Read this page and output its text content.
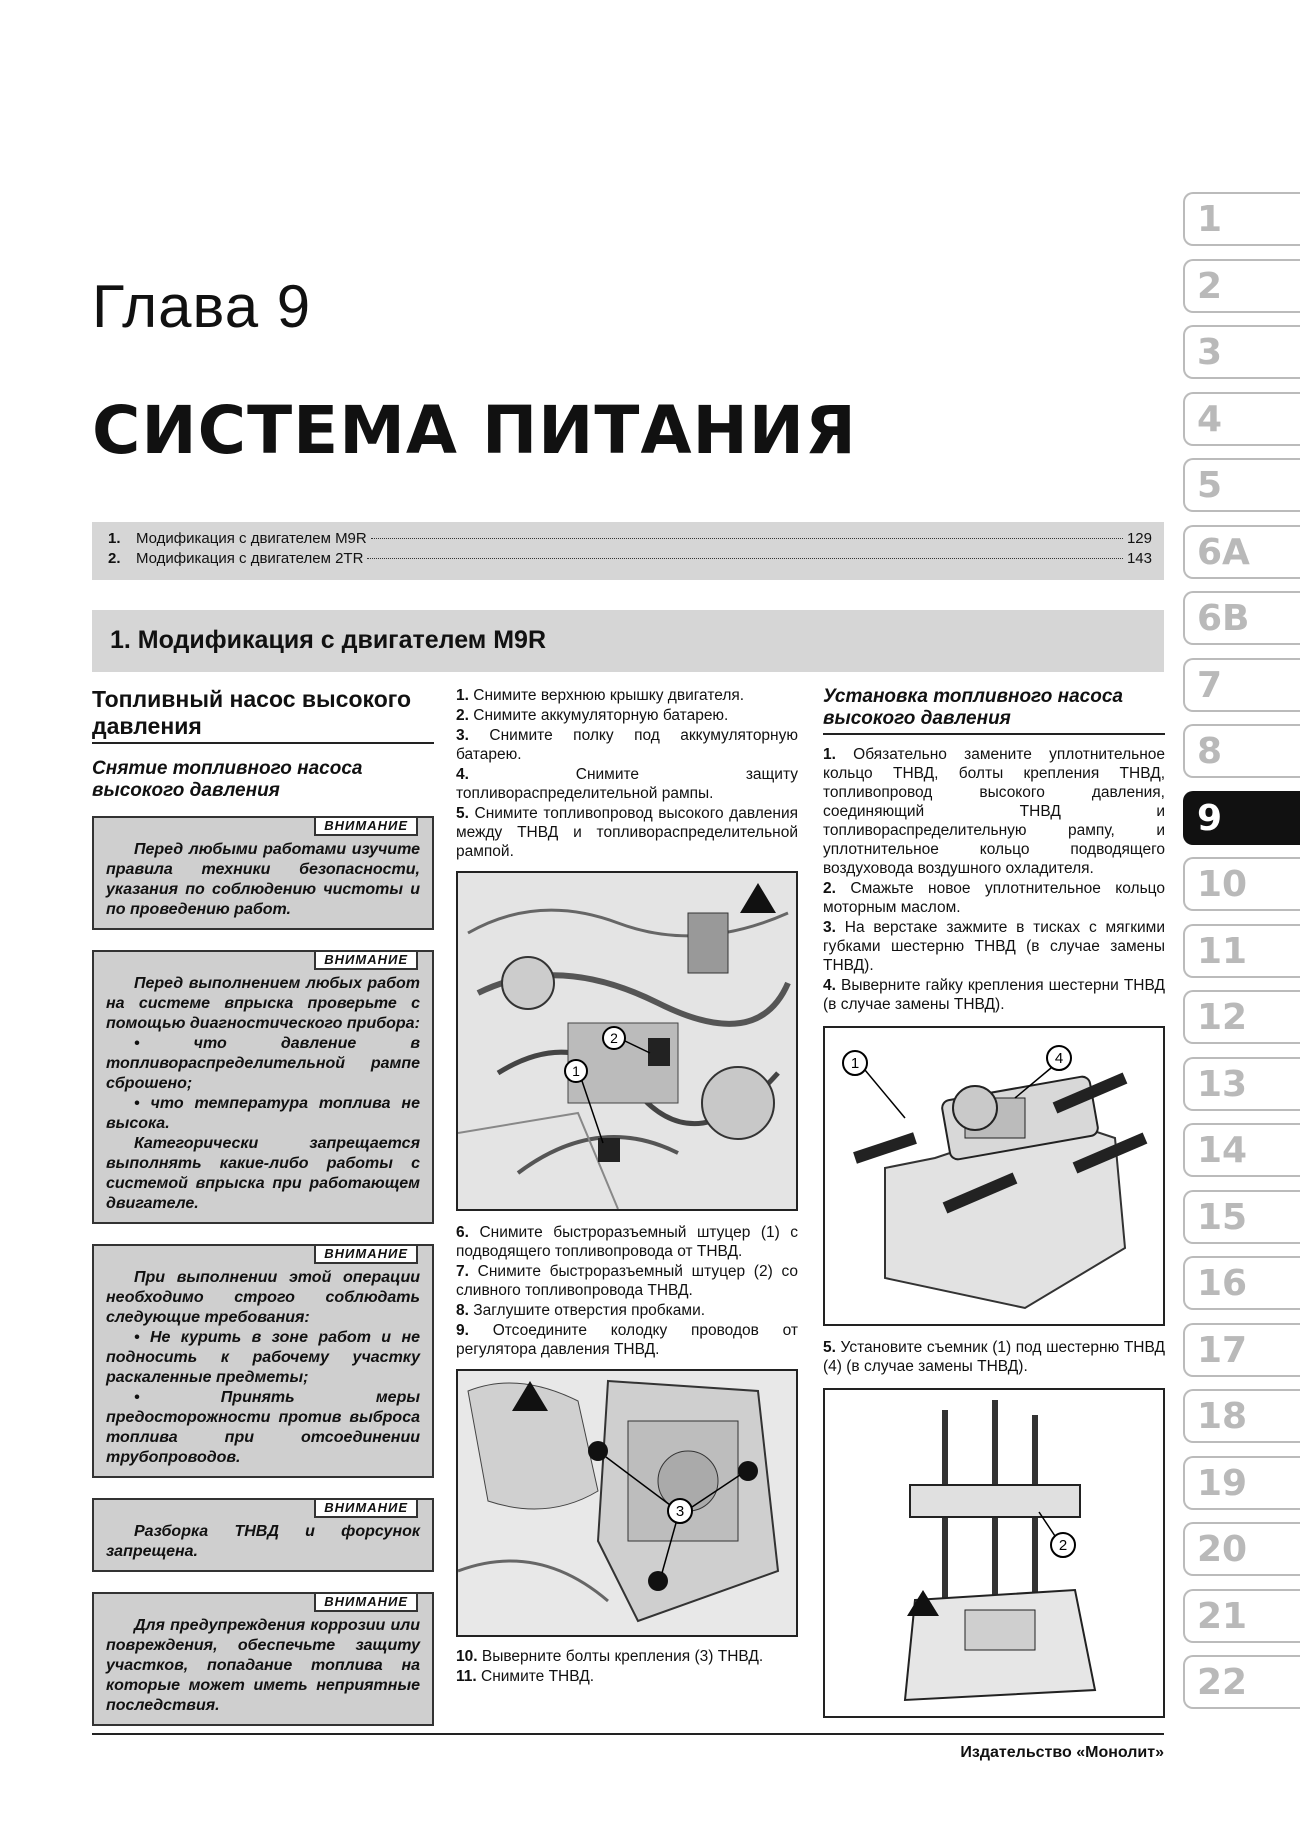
Глава 9
СИСТЕМА ПИТАНИЯ
1.	Модификация с двигателем M9R	129
2.	Модификация с двигателем 2TR	143
1. Модификация с двигателем M9R
Топливный насос высокого давления
Снятие топливного насоса высокого давления
ВНИМАНИЕ

Перед любыми работами изучите правила техники безопасности, указания по соблюдению чистоты и по проведению работ.

ВНИМАНИЕ

Перед выполнением любых работ на системе впрыска проверьте с помощью диагностического прибора:

• что давление в топливораспределительной рампе сброшено;

• что температура топлива не высока.

Категорически запрещается выполнять какие-либо работы с системой впрыска при работающем двигателе.

ВНИМАНИЕ

При выполнении этой операции необходимо строго соблюдать следующие требования:

• Не курить в зоне работ и не подносить к рабочему участку раскаленные предметы;

• Принять меры предосторожности против выброса топлива при отсоединении трубопроводов.

ВНИМАНИЕ

Разборка ТНВД и форсунок запрещена.

ВНИМАНИЕ

Для предупреждения коррозии или повреждения, обеспечьте защиту участков, попадание топлива на которые может иметь неприятные последствия.

1. Снимите верхнюю крышку двигателя.
2. Снимите аккумуляторную батарею.
3. Снимите полку под аккумуляторную батарею.
4.	Снимите защиту топливораспределительной рампы.
5. Снимите топливопровод высокого давления между ТНВД и топливораспределительной рампой.
2
1
6. Снимите быстроразъемный штуцер (1) с подводящего топливопровода от ТНВД.
7. Снимите быстроразъемный штуцер (2) со сливного топливопровода ТНВД.
8. Заглушите отверстия пробками.
9. Отсоедините колодку проводов от регулятора давления ТНВД.
3
10. Выверните болты крепления (3) ТНВД.
11. Снимите ТНВД.
Установка топливного насоса высокого давления
1. Обязательно замените уплотнительное кольцо ТНВД, болты крепления ТНВД, топливопровод высокого давления, соединяющий ТНВД и топливораспределительную рампу, и уплотнительное кольцо подводящего воздуховода воздушного охладителя.
2. Смажьте новое уплотнительное кольцо моторным маслом.
3. На верстаке зажмите в тисках с мягкими губками шестерню ТНВД (в случае замены ТНВД).
4. Выверните гайку крепления шестерни ТНВД (в случае замены ТНВД).
1	4
5. Установите съемник (1) под шестерню ТНВД (4) (в случае замены ТНВД).
2
1
2
3
4
5
6A
6B
7
8
9
10
11
12
13
14
15
16
17
18
19
20
21
22
Издательство «Монолит»
